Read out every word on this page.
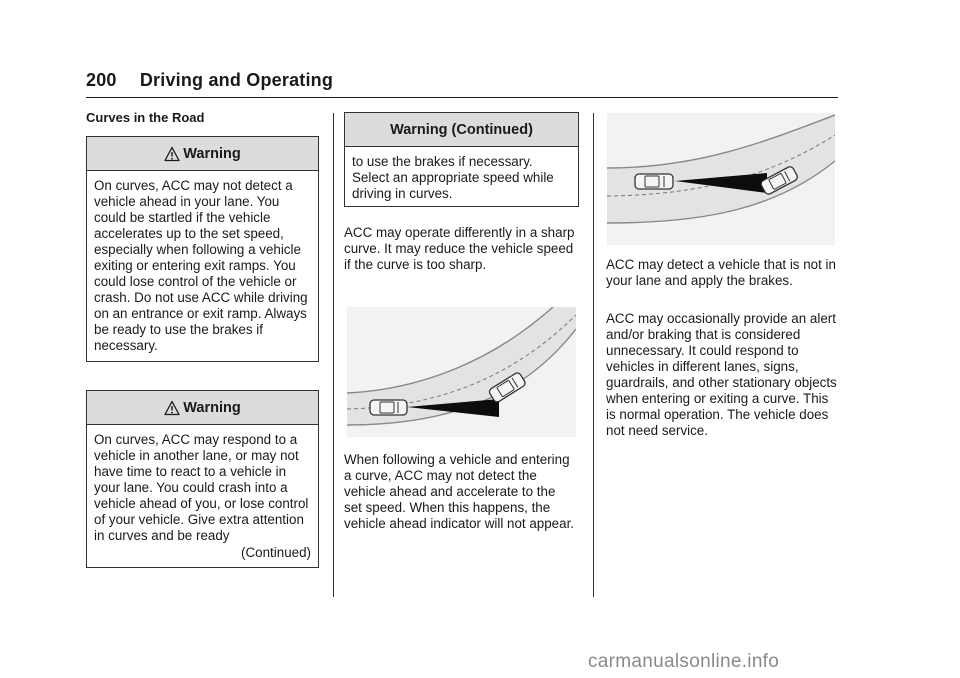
200 Driving and Operating
Curves in the Road
Warning
On curves, ACC may not detect a vehicle ahead in your lane. You could be startled if the vehicle accelerates up to the set speed, especially when following a vehicle exiting or entering exit ramps. You could lose control of the vehicle or crash. Do not use ACC while driving on an entrance or exit ramp. Always be ready to use the brakes if necessary.
Warning
On curves, ACC may respond to a vehicle in another lane, or may not have time to react to a vehicle in your lane. You could crash into a vehicle ahead of you, or lose control of your vehicle. Give extra attention in curves and be ready
(Continued)
Warning (Continued)
to use the brakes if necessary. Select an appropriate speed while driving in curves.

ACC may operate differently in a sharp curve. It may reduce the vehicle speed if the curve is too sharp.

When following a vehicle and entering a curve, ACC may not detect the vehicle ahead and accelerate to the set speed. When this happens, the vehicle ahead indicator will not appear.

ACC may detect a vehicle that is not in your lane and apply the brakes.

ACC may occasionally provide an alert and/or braking that is considered unnecessary. It could respond to vehicles in different lanes, signs, guardrails, and other stationary objects when entering or exiting a curve. This is normal operation. The vehicle does not need service.

carmanualsonline.info
